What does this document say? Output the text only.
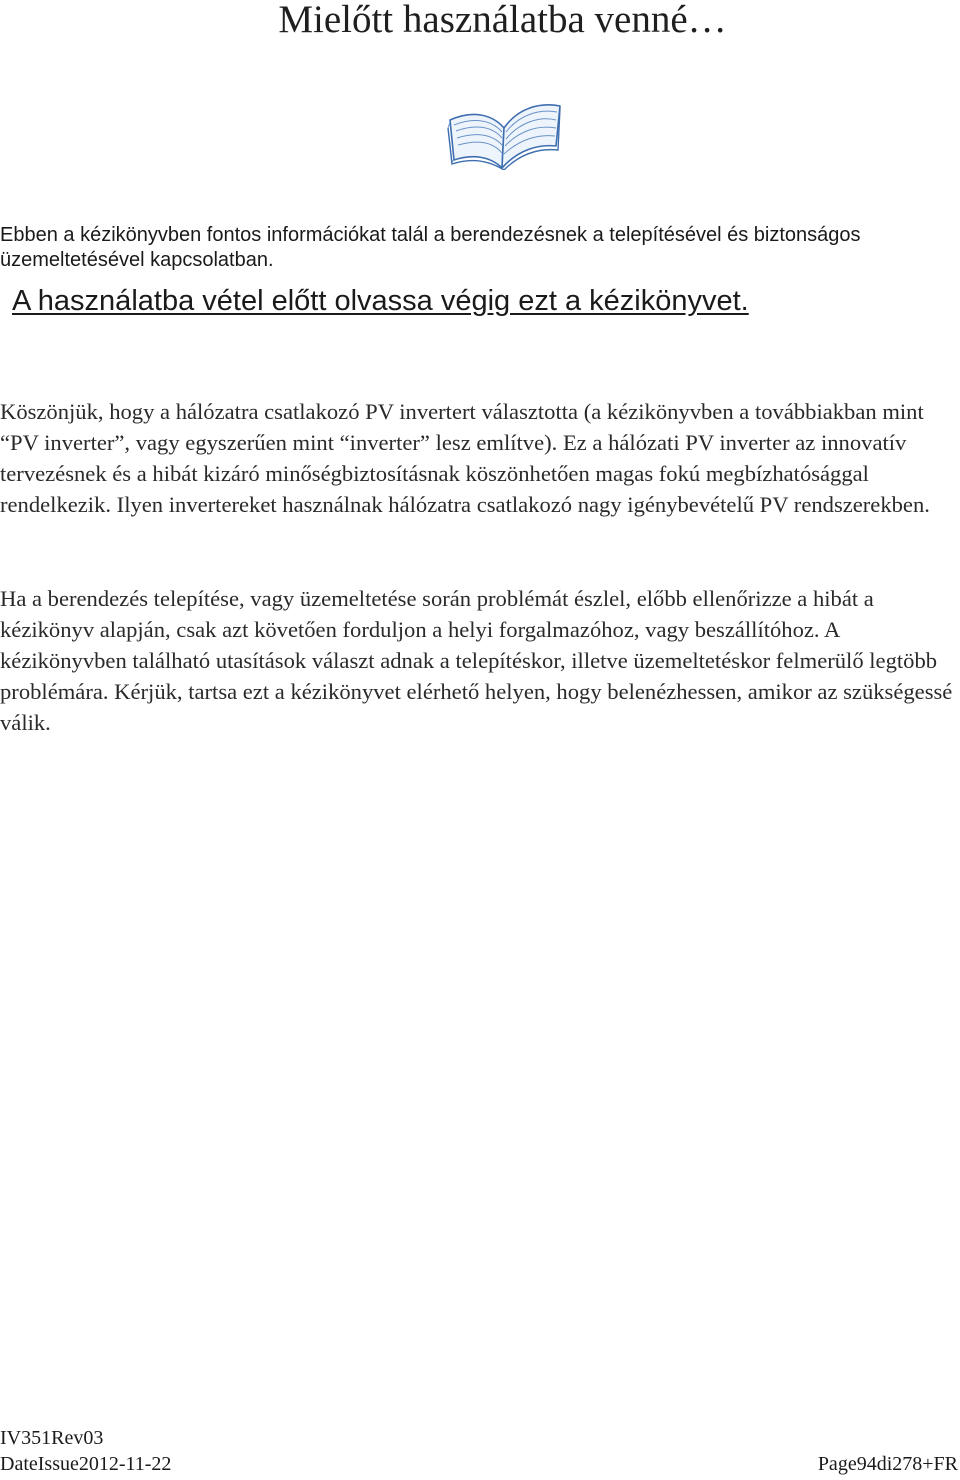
Mielőtt használatba venné…
Ebben a kézikönyvben fontos információkat talál a berendezésnek a telepítésével és biztonságos üzemeltetésével kapcsolatban.
A használatba vétel előtt olvassa végig ezt a kézikönyvet.
Köszönjük, hogy a hálózatra csatlakozó PV invertert választotta (a kézikönyvben a továbbiakban mint “PV inverter”, vagy egyszerűen mint “inverter” lesz említve). Ez a hálózati PV inverter az innovatív tervezésnek és a hibát kizáró minőségbiztosításnak köszönhetően magas fokú megbízhatósággal rendelkezik. Ilyen invertereket használnak hálózatra csatlakozó nagy igénybevételű PV rendszerekben.
Ha a berendezés telepítése, vagy üzemeltetése során problémát észlel, előbb ellenőrizze a hibát a kézikönyv alapján, csak azt követően forduljon a helyi forgalmazóhoz, vagy beszállítóhoz. A kézikönyvben található utasítások választ adnak a telepítéskor, illetve üzemeltetéskor felmerülő legtöbb problémára. Kérjük, tartsa ezt a kézikönyvet elérhető helyen, hogy belenézhessen, amikor az szükségessé válik.
IV351Rev03
DateIssue2012-11-22	Page94di278+FR
